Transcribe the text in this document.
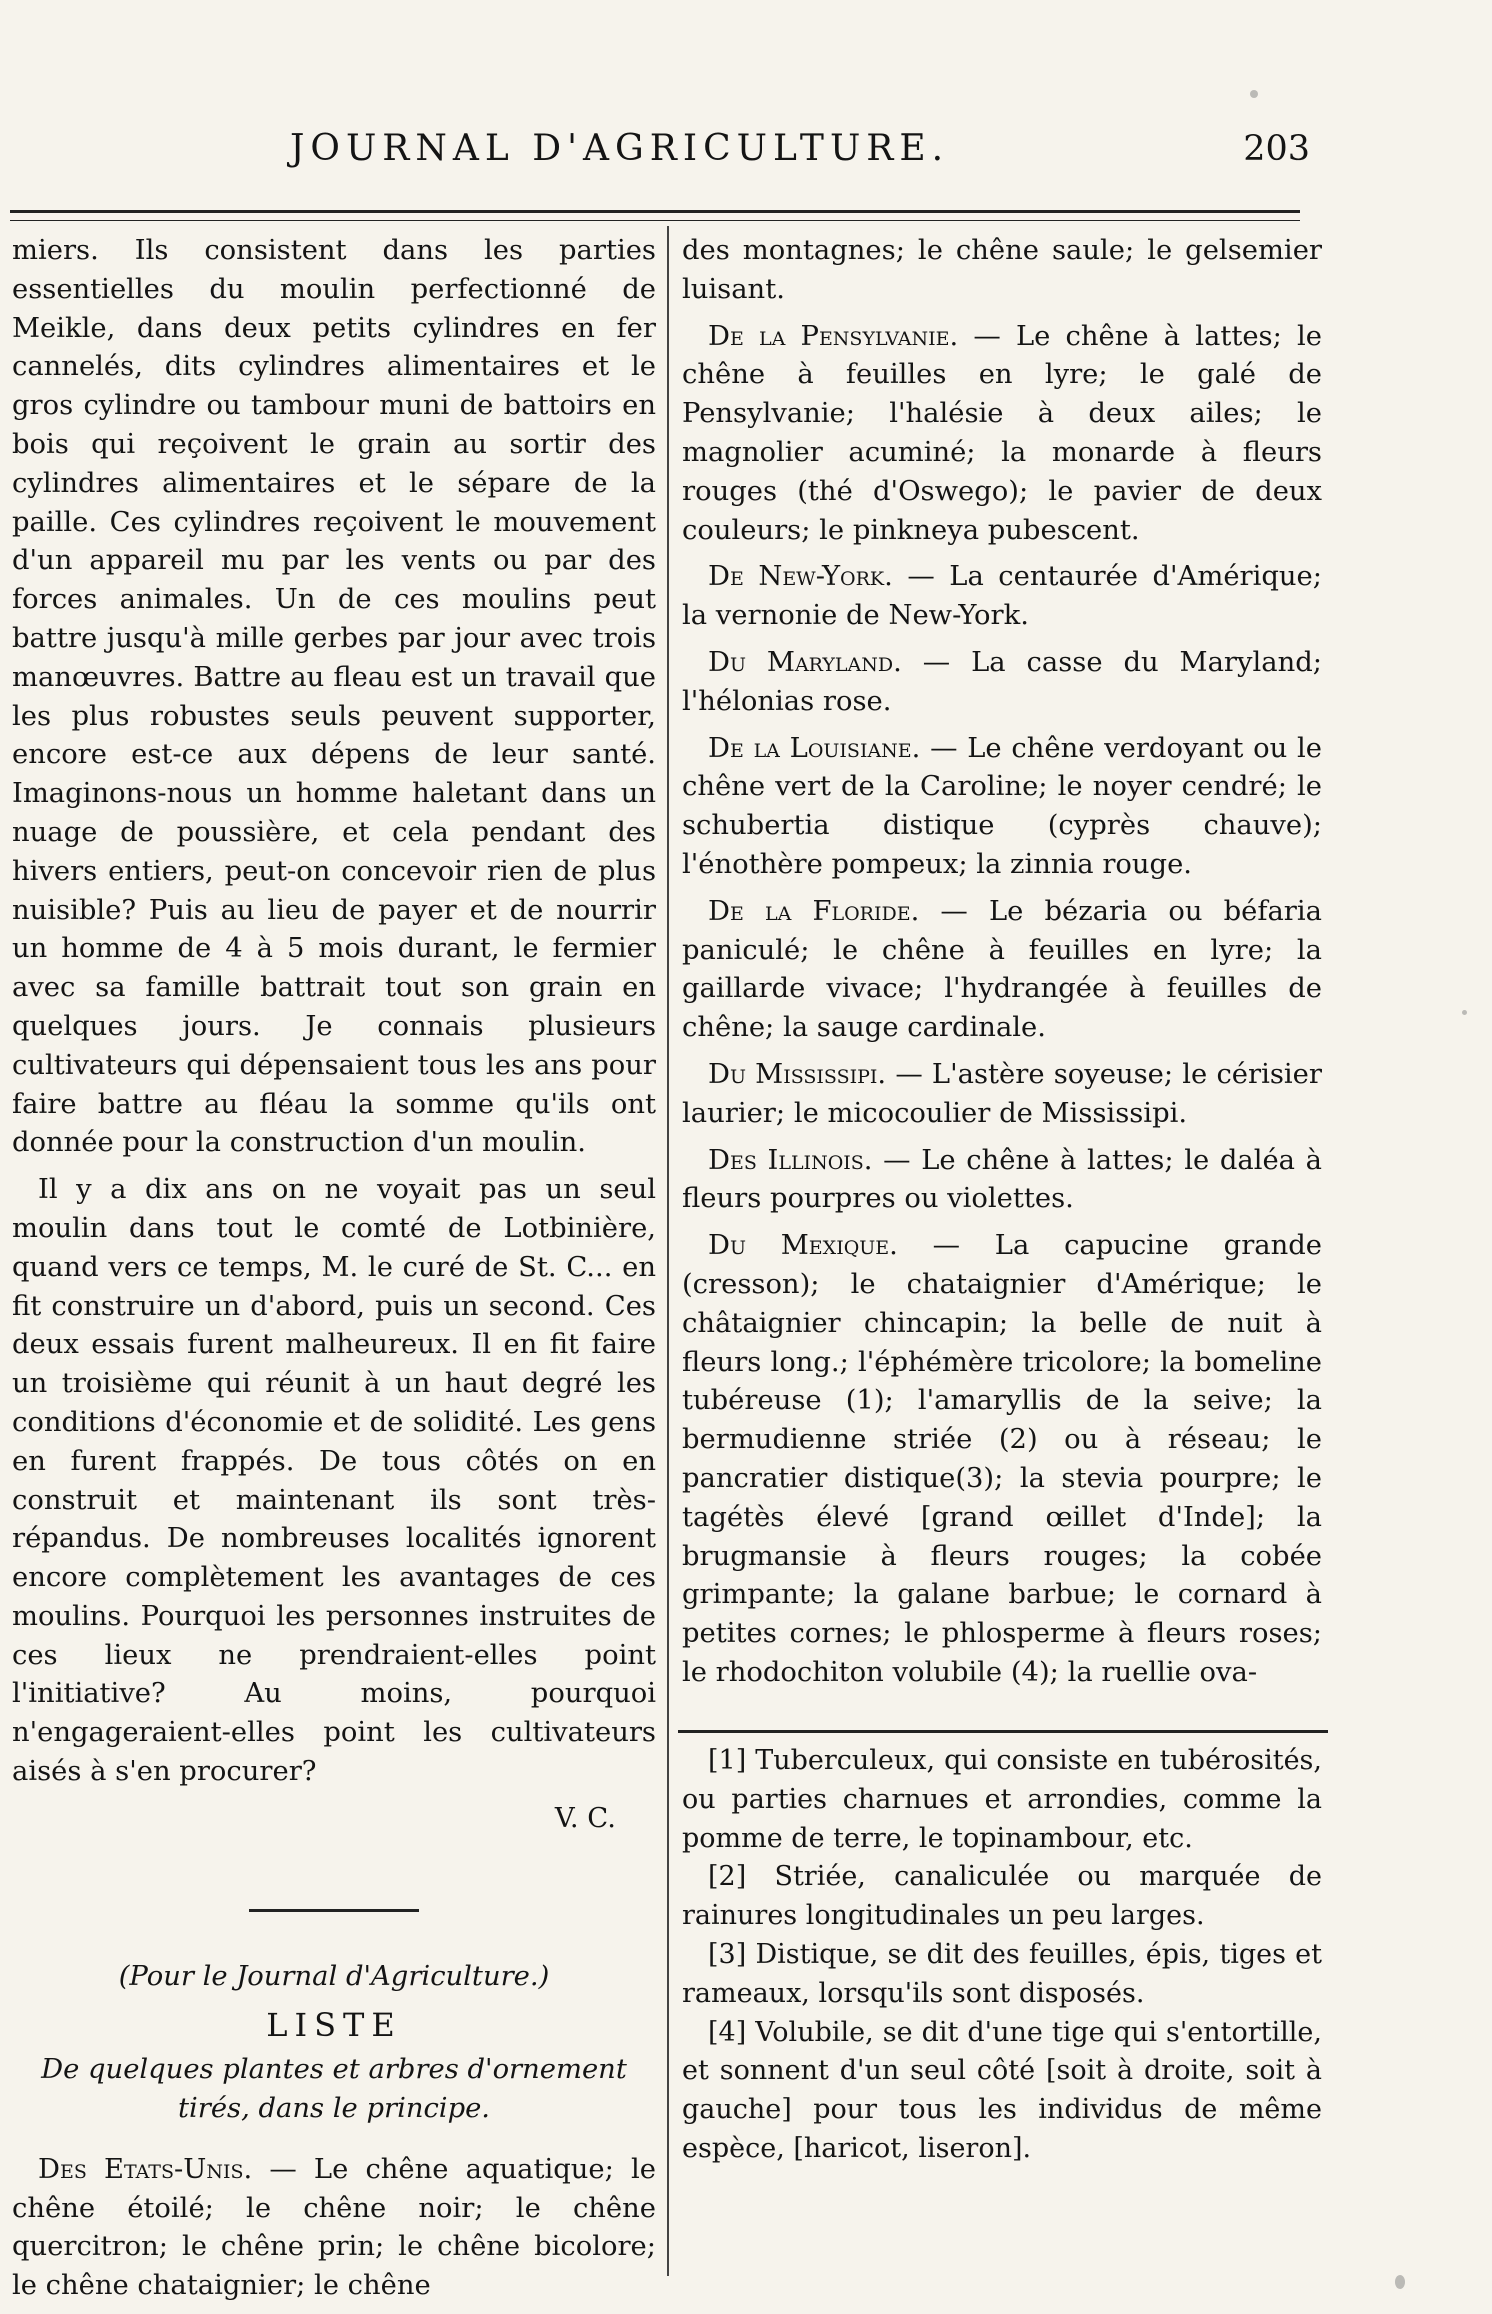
JOURNAL D'AGRICULTURE.	203

miers. Ils consistent dans les parties essentielles du moulin perfectionné de Meikle, dans deux petits cylindres en fer cannelés, dits cylindres alimentaires et le gros cylindre ou tambour muni de battoirs en bois qui reçoivent le grain au sortir des cylindres alimentaires et le sépare de la paille. Ces cylindres reçoivent le mouvement d'un appareil mu par les vents ou par des forces animales. Un de ces moulins peut battre jusqu'à mille gerbes par jour avec trois manœuvres. Battre au fleau est un travail que les plus robustes seuls peuvent supporter, encore est-ce aux dépens de leur santé. Imaginons-nous un homme haletant dans un nuage de poussière, et cela pendant des hivers entiers, peut-on concevoir rien de plus nuisible? Puis au lieu de payer et de nourrir un homme de 4 à 5 mois durant, le fermier avec sa famille battrait tout son grain en quelques jours. Je connais plusieurs cultivateurs qui dépensaient tous les ans pour faire battre au fléau la somme qu'ils ont donnée pour la construction d'un moulin.

Il y a dix ans on ne voyait pas un seul moulin dans tout le comté de Lotbinière, quand vers ce temps, M. le curé de St. C... en fit construire un d'abord, puis un second. Ces deux essais furent malheureux. Il en fit faire un troisième qui réunit à un haut degré les conditions d'économie et de solidité. Les gens en furent frappés. De tous côtés on en construit et maintenant ils sont très-répandus. De nombreuses localités ignorent encore complètement les avantages de ces moulins. Pourquoi les personnes instruites de ces lieux ne prendraient-elles point l'initiative? Au moins, pourquoi n'engageraient-elles point les cultivateurs aisés à s'en procurer?

V. C.

(Pour le Journal d'Agriculture.)

LISTE

De quelques plantes et arbres d'ornement tirés, dans le principe.

Des Etats-Unis. — Le chêne aquatique; le chêne étoilé; le chêne noir; le chêne quercitron; le chêne prin; le chêne bicolore; le chêne chataignier; le chêne

des montagnes; le chêne saule; le gelsemier luisant.

De la Pensylvanie. — Le chêne à lattes; le chêne à feuilles en lyre; le galé de Pensylvanie; l'halésie à deux ailes; le magnolier acuminé; la monarde à fleurs rouges (thé d'Oswego); le pavier de deux couleurs; le pinkneya pubescent.

De New-York. — La centaurée d'Amérique; la vernonie de New-York.

Du Maryland. — La casse du Maryland; l'hélonias rose.

De la Louisiane. — Le chêne verdoyant ou le chêne vert de la Caroline; le noyer cendré; le schubertia distique (cyprès chauve); l'énothère pompeux; la zinnia rouge.

De la Floride. — Le bézaria ou béfaria paniculé; le chêne à feuilles en lyre; la gaillarde vivace; l'hydrangée à feuilles de chêne; la sauge cardinale.

Du Mississipi. — L'astère soyeuse; le cérisier laurier; le micocoulier de Mississipi.

Des Illinois. — Le chêne à lattes; le daléa à fleurs pourpres ou violettes.

Du Mexique. — La capucine grande (cresson); le chataignier d'Amérique; le châtaignier chincapin; la belle de nuit à fleurs long.; l'éphémère tricolore; la bomeline tubéreuse (1); l'amaryllis de la seive; la bermudienne striée (2) ou à réseau; le pancratier distique(3); la stevia pourpre; le tagétès élevé [grand œillet d'Inde]; la brugmansie à fleurs rouges; la cobée grimpante; la galane barbue; le cornard à petites cornes; le phlosperme à fleurs roses; le rhodochiton volubile (4); la ruellie ova-

[1] Tuberculeux, qui consiste en tubérosités, ou parties charnues et arrondies, comme la pomme de terre, le topinambour, etc.

[2] Striée, canaliculée ou marquée de rainures longitudinales un peu larges.

[3] Distique, se dit des feuilles, épis, tiges et rameaux, lorsqu'ils sont disposés.

[4] Volubile, se dit d'une tige qui s'entortille, et sonnent d'un seul côté [soit à droite, soit à gauche] pour tous les individus de même espèce, [haricot, liseron].
